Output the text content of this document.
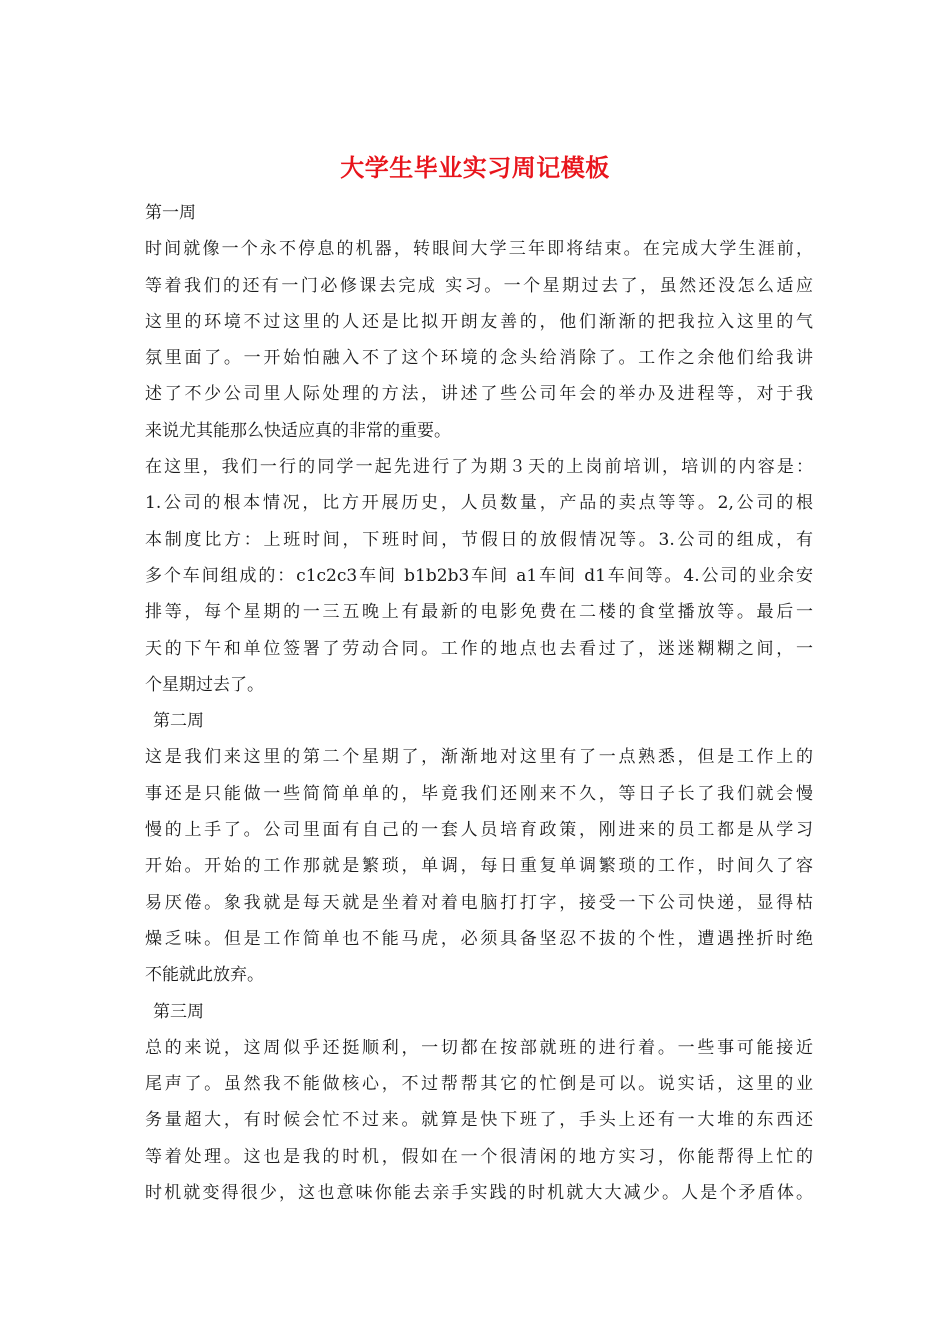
大学生毕业实习周记模板
第一周
时间就像一个永不停息的机器，转眼间大学三年即将结束。在完成大学生涯前，
等着我们的还有一门必修课去完成 实习。一个星期过去了，虽然还没怎么适应
这里的环境不过这里的人还是比拟开朗友善的，他们渐渐的把我拉入这里的气
氛里面了。一开始怕融入不了这个环境的念头给消除了。工作之余他们给我讲
述了不少公司里人际处理的方法，讲述了些公司年会的举办及进程等，对于我
来说尤其能那么快适应真的非常的重要。
在这里，我们一行的同学一起先进行了为期３天的上岗前培训，培训的内容是：
1.公司的根本情况，比方开展历史，人员数量，产品的卖点等等。2,公司的根
本制度比方：上班时间，下班时间，节假日的放假情况等。3.公司的组成，有
多个车间组成的：c1c2c3车间 b1b2b3车间 a1车间 d1车间等。4.公司的业余安
排等，每个星期的一三五晚上有最新的电影免费在二楼的食堂播放等。最后一
天的下午和单位签署了劳动合同。工作的地点也去看过了，迷迷糊糊之间，一
个星期过去了。
第二周
这是我们来这里的第二个星期了，渐渐地对这里有了一点熟悉，但是工作上的
事还是只能做一些简简单单的，毕竟我们还刚来不久，等日子长了我们就会慢
慢的上手了。公司里面有自己的一套人员培育政策，刚进来的员工都是从学习
开始。开始的工作那就是繁琐，单调，每日重复单调繁琐的工作，时间久了容
易厌倦。象我就是每天就是坐着对着电脑打打字，接受一下公司快递，显得枯
燥乏味。但是工作简单也不能马虎，必须具备坚忍不拔的个性，遭遇挫折时绝
不能就此放弃。
第三周
总的来说，这周似乎还挺顺利，一切都在按部就班的进行着。一些事可能接近
尾声了。虽然我不能做核心，不过帮帮其它的忙倒是可以。说实话，这里的业
务量超大，有时候会忙不过来。就算是快下班了，手头上还有一大堆的东西还
等着处理。这也是我的时机，假如在一个很清闲的地方实习，你能帮得上忙的
时机就变得很少，这也意味你能去亲手实践的时机就大大减少。人是个矛盾体。
